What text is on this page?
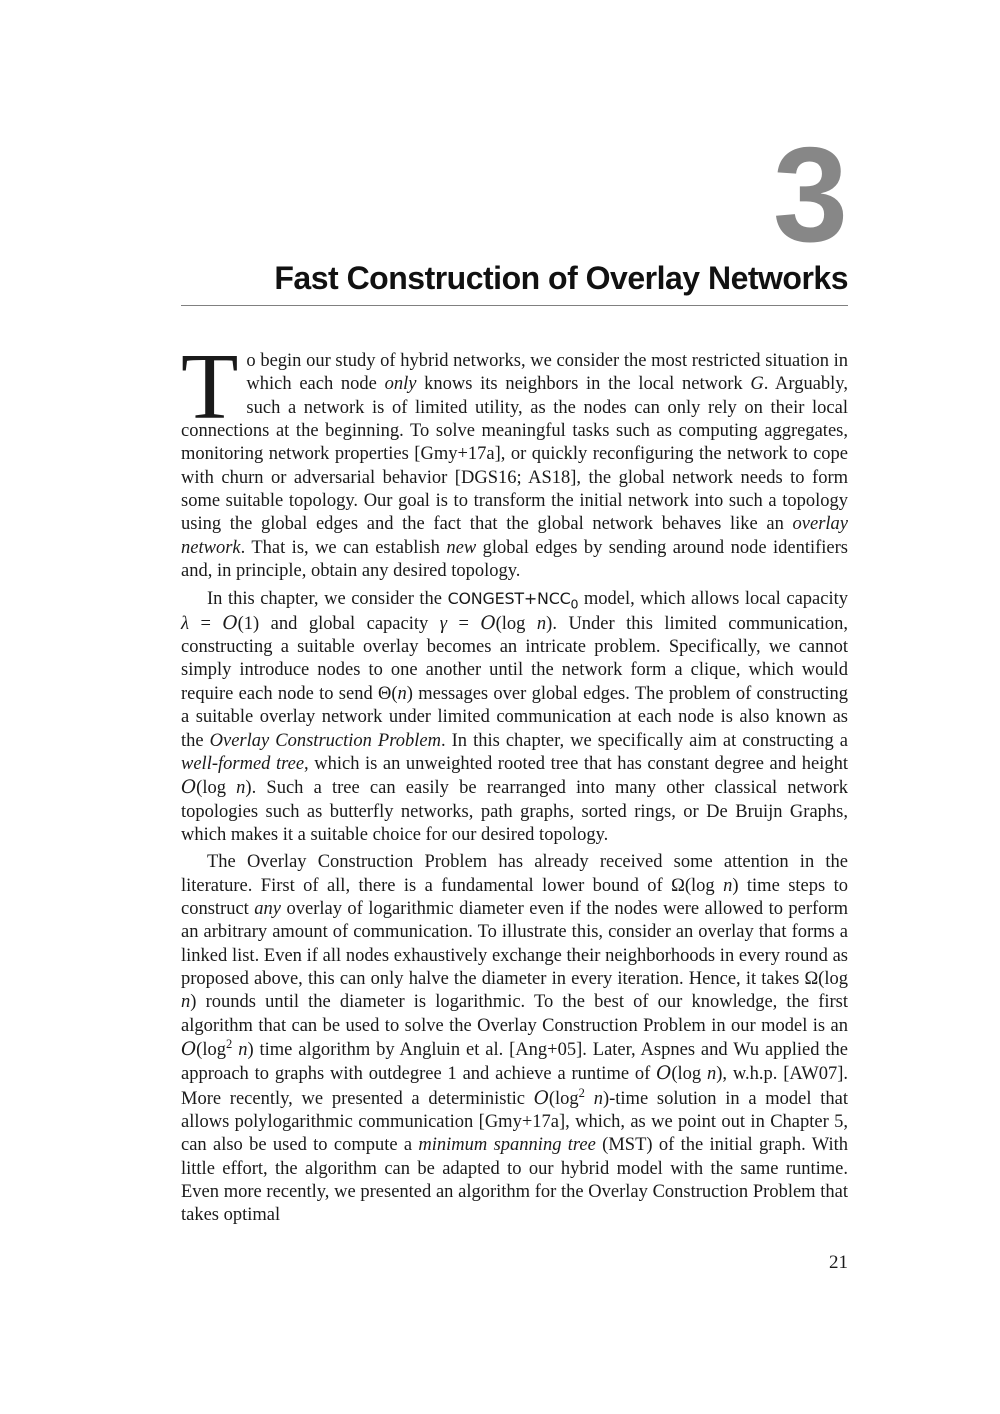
3
Fast Construction of Overlay Networks

To begin our study of hybrid networks, we consider the most restricted situation in which each node only knows its neighbors in the local network G. Arguably, such a network is of limited utility, as the nodes can only rely on their local connections at the beginning. To solve meaningful tasks such as computing aggregates, monitoring network properties [Gmy+17a], or quickly reconfiguring the network to cope with churn or adversarial behavior [DGS16; AS18], the global network needs to form some suitable topology. Our goal is to transform the initial network into such a topology using the global edges and the fact that the global network behaves like an overlay network. That is, we can establish new global edges by sending around node identifiers and, in principle, obtain any desired topology.

In this chapter, we consider the $CONGEST+NCC_0$ model, which allows local capacity λ = O(1) and global capacity γ = O(log n). Under this limited communication, constructing a suitable overlay becomes an intricate problem. Specifically, we cannot simply introduce nodes to one another until the network form a clique, which would require each node to send Θ(n) messages over global edges. The problem of constructing a suitable overlay network under limited communication at each node is also known as the Overlay Construction Problem. In this chapter, we specifically aim at constructing a well-formed tree, which is an unweighted rooted tree that has constant degree and height O(log n). Such a tree can easily be rearranged into many other classical network topologies such as butterfly networks, path graphs, sorted rings, or De Bruijn Graphs, which makes it a suitable choice for our desired topology.

The Overlay Construction Problem has already received some attention in the literature. First of all, there is a fundamental lower bound of Ω(log n) time steps to construct any overlay of logarithmic diameter even if the nodes were allowed to perform an arbitrary amount of communication. To illustrate this, consider an overlay that forms a linked list. Even if all nodes exhaustively exchange their neighborhoods in every round as proposed above, this can only halve the diameter in every iteration. Hence, it takes Ω(log n) rounds until the diameter is logarithmic. To the best of our knowledge, the first algorithm that can be used to solve the Overlay Construction Problem in our model is an $O(\log^2$ n) time algorithm by Angluin et al. [Ang+05]. Later, Aspnes and Wu applied the approach to graphs with outdegree 1 and achieve a runtime of O(log n), w.h.p. [AW07]. More recently, we presented a deterministic $O(\log^2$ n)-time solution in a model that allows polylogarithmic communication [Gmy+17a], which, as we point out in Chapter 5, can also be used to compute a minimum spanning tree (MST) of the initial graph. With little effort, the algorithm can be adapted to our hybrid model with the same runtime. Even more recently, we presented an algorithm for the Overlay Construction Problem that takes optimal

21
